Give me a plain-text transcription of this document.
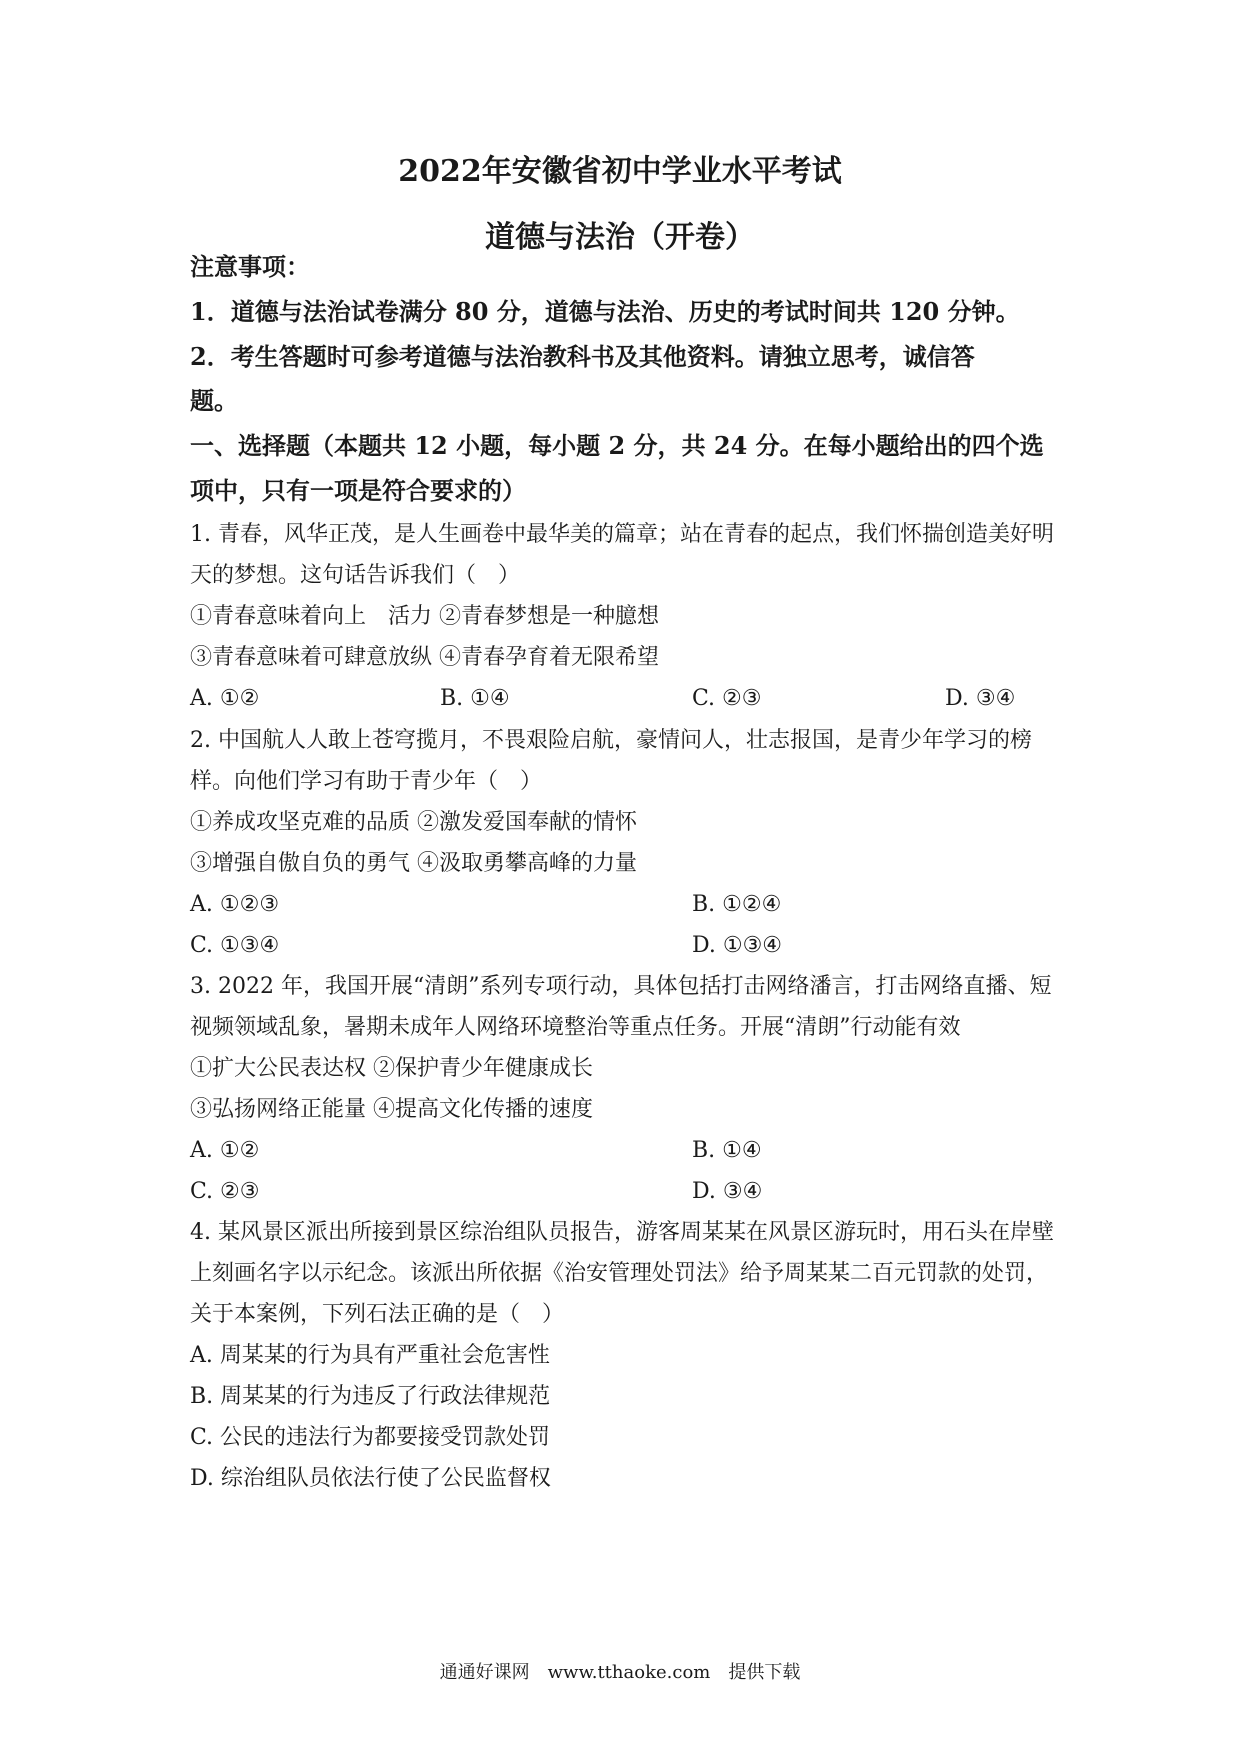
2022年安徽省初中学业水平考试
道德与法治（开卷）

注意事项：

1．道德与法治试卷满分 80 分，道德与法治、历史的考试时间共 120 分钟。

2．考生答题时可参考道德与法治教科书及其他资料。请独立思考，诚信答

题。

一、选择题（本题共 12 小题，每小题 2 分，共 24 分。在每小题给出的四个选

项中，只有一项是符合要求的）

1. 青春，风华正茂，是人生画卷中最华美的篇章；站在青春的起点，我们怀揣创造美好明

天的梦想。这句话告诉我们（　）

①青春意味着向上　活力 ②青春梦想是一种臆想

③青春意味着可肆意放纵 ④青春孕育着无限希望

A. ①②	B. ①④	C. ②③	D. ③④

2. 中国航人人敢上苍穹揽月，不畏艰险启航，豪情问人，壮志报国，是青少年学习的榜

样。向他们学习有助于青少年（　）

①养成攻坚克难的品质 ②激发爱国奉献的情怀

③增强自傲自负的勇气 ④汲取勇攀高峰的力量

A. ①②③	B. ①②④

C. ①③④	D. ①③④

3. 2022 年，我国开展“清朗”系列专项行动，具体包括打击网络潘言，打击网络直播、短

视频领域乱象，暑期未成年人网络环境整治等重点任务。开展“清朗”行动能有效

①扩大公民表达权 ②保护青少年健康成长

③弘扬网络正能量 ④提高文化传播的速度

A. ①②	B. ①④

C. ②③	D. ③④

4. 某风景区派出所接到景区综治组队员报告，游客周某某在风景区游玩时，用石头在岸壁

上刻画名字以示纪念。该派出所依据《治安管理处罚法》给予周某某二百元罚款的处罚，

关于本案例，下列石法正确的是（　）

A. 周某某的行为具有严重社会危害性

B. 周某某的行为违反了行政法律规范

C. 公民的违法行为都要接受罚款处罚

D. 综治组队员依法行使了公民监督权

通通好课网　www.tthaoke.com　提供下载
